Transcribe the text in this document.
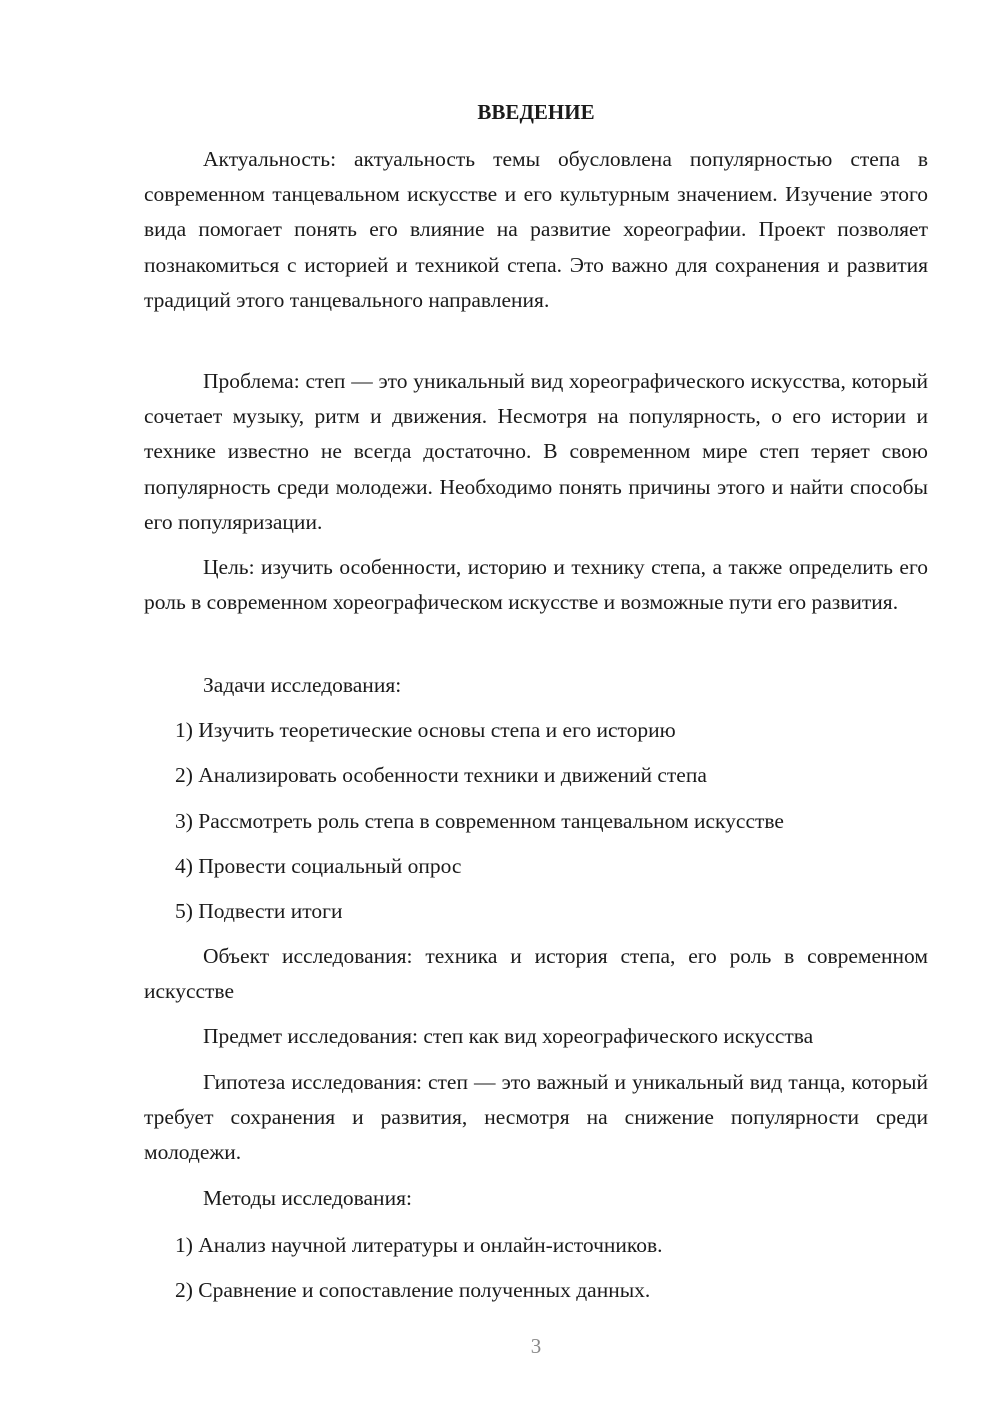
ВВЕДЕНИЕ

Актуальность: актуальность темы обусловлена популярностью степа в современном танцевальном искусстве и его культурным значением. Изучение этого вида помогает понять его влияние на развитие хореографии. Проект позволяет познакомиться с историей и техникой степа. Это важно для сохранения и развития традиций этого танцевального направления.

Проблема: степ — это уникальный вид хореографического искусства, который сочетает музыку, ритм и движения. Несмотря на популярность, о его истории и технике известно не всегда достаточно. В современном мире степ теряет свою популярность среди молодежи. Необходимо понять причины этого и найти способы его популяризации.

Цель: изучить особенности, историю и технику степа, а также определить его роль в современном хореографическом искусстве и возможные пути его развития.

Задачи исследования:

1) Изучить теоретические основы степа и его историю

2) Анализировать особенности техники и движений степа

3) Рассмотреть роль степа в современном танцевальном искусстве

4) Провести социальный опрос

5) Подвести итоги

Объект исследования: техника и история степа, его роль в современном искусстве

Предмет исследования: степ как вид хореографического искусства

Гипотеза исследования: степ — это важный и уникальный вид танца, который требует сохранения и развития, несмотря на снижение популярности среди молодежи.

Методы исследования:

1) Анализ научной литературы и онлайн-источников.

2) Сравнение и сопоставление полученных данных.

3
